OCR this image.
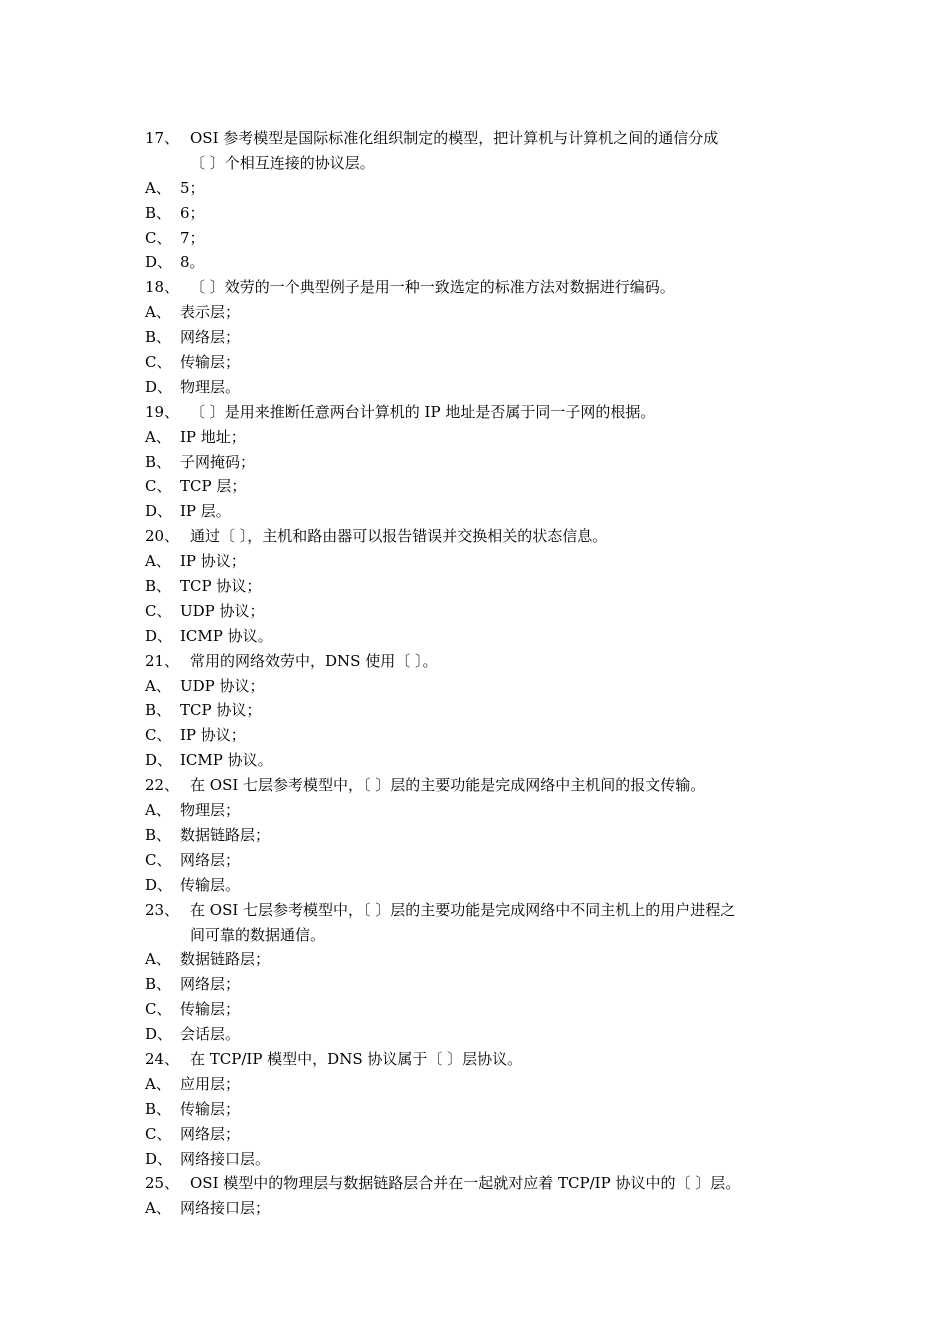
17、 OSI 参考模型是国际标准化组织制定的模型，把计算机与计算机之间的通信分成
〔 〕个相互连接的协议层。
A、 5；
B、 6；
C、 7；
D、 8。
18、 〔 〕效劳的一个典型例子是用一种一致选定的标准方法对数据进行编码。
A、 表示层；
B、 网络层；
C、 传输层；
D、 物理层。
19、 〔 〕是用来推断任意两台计算机的 IP 地址是否属于同一子网的根据。
A、 IP 地址；
B、 子网掩码；
C、 TCP 层；
D、 IP 层。
20、 通过〔 〕，主机和路由器可以报告错误并交换相关的状态信息。
A、 IP 协议；
B、 TCP 协议；
C、 UDP 协议；
D、 ICMP 协议。
21、 常用的网络效劳中，DNS 使用〔 〕。
A、 UDP 协议；
B、 TCP 协议；
C、 IP 协议；
D、 ICMP 协议。
22、 在 OSI 七层参考模型中，〔 〕层的主要功能是完成网络中主机间的报文传输。
A、 物理层；
B、 数据链路层；
C、 网络层；
D、 传输层。
23、 在 OSI 七层参考模型中，〔 〕层的主要功能是完成网络中不同主机上的用户进程之
间可靠的数据通信。
A、 数据链路层；
B、 网络层；
C、 传输层；
D、 会话层。
24、 在 TCP/IP 模型中，DNS 协议属于〔 〕层协议。
A、 应用层；
B、 传输层；
C、 网络层；
D、 网络接口层。
25、 OSI 模型中的物理层与数据链路层合并在一起就对应着 TCP/IP 协议中的〔 〕层。
A、 网络接口层；
